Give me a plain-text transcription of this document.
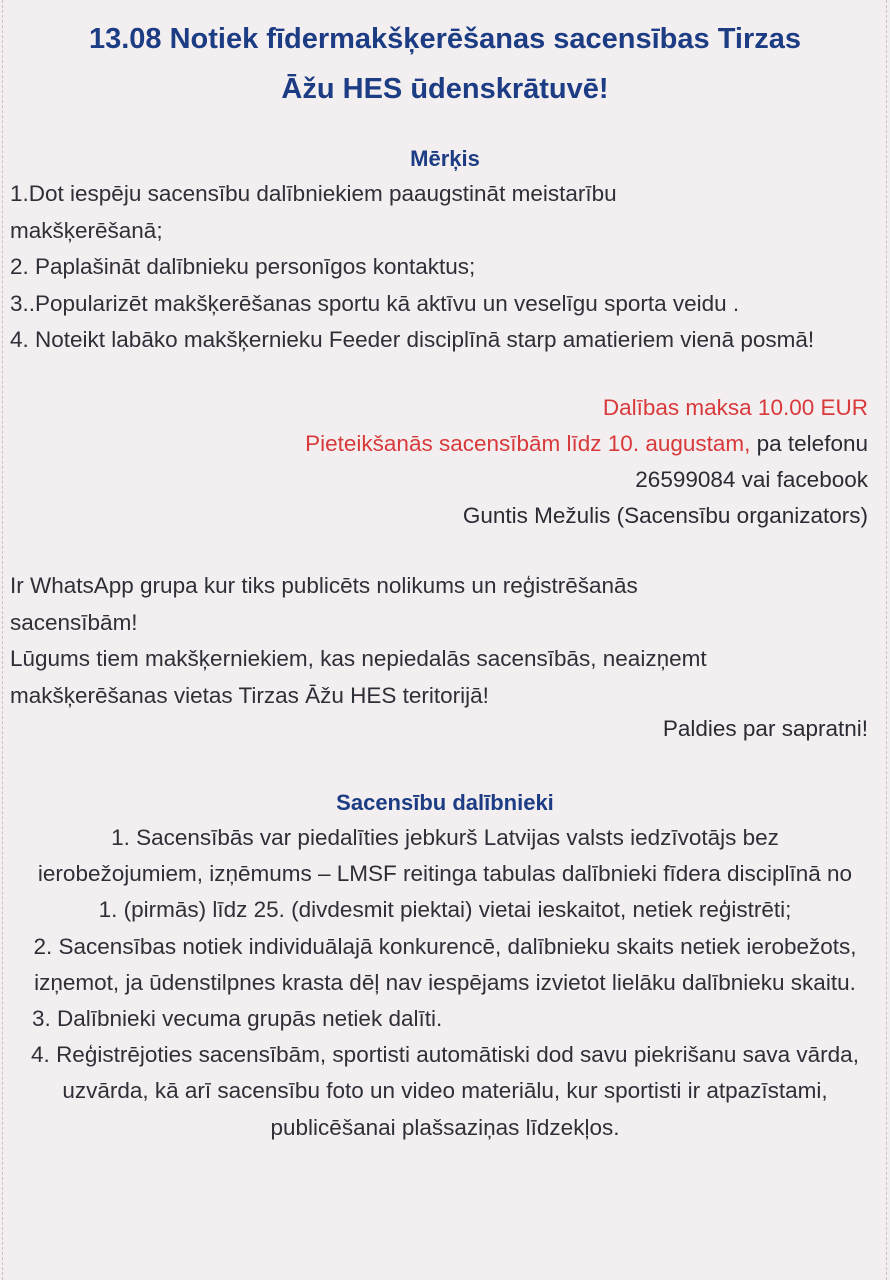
13.08 Notiek fīdermakšķerēšanas sacensības Tirzas
Āžu HES ūdenskrātuvē!
Mērķis
1.Dot iespēju sacensību dalībniekiem paaugstināt meistarību makšķerēšanā;
2. Paplašināt dalībnieku personīgos kontaktus;
3..Popularizēt makšķerēšanas sportu kā aktīvu un veselīgu sporta veidu .
4. Noteikt labāko makšķernieku Feeder disciplīnā starp amatieriem vienā posmā!
Dalības maksa 10.00 EUR
Pieteikšanās sacensībām līdz 10. augustam, pa telefonu
26599084 vai facebook
Guntis Mežulis (Sacensību organizators)
Ir WhatsApp grupa kur tiks publicēts nolikums un reģistrēšanās sacensībām!
Lūgums tiem makšķerniekiem, kas nepiedalās sacensībās, neaizņemt makšķerēšanas vietas Tirzas Āžu HES teritorijā!
Paldies par sapratni!
Sacensību dalībnieki

1. Sacensībās var piedalīties jebkurš Latvijas valsts iedzīvotājs bez ierobežojumiem, izņēmums – LMSF reitinga tabulas dalībnieki fīdera disciplīnā no 1. (pirmās) līdz 25. (divdesmit piektai) vietai ieskaitot, netiek reģistrēti;

2. Sacensības notiek individuālajā konkurencē, dalībnieku skaits netiek ierobežots, izņemot, ja ūdenstilpnes krasta dēļ nav iespējams izvietot lielāku dalībnieku skaitu.

3. Dalībnieki vecuma grupās netiek dalīti.

4. Reģistrējoties sacensībām, sportisti automātiski dod savu piekrišanu sava vārda, uzvārda, kā arī sacensību foto un video materiālu, kur sportisti ir atpazīstami, publicēšanai plašsaziņas līdzekļos.
